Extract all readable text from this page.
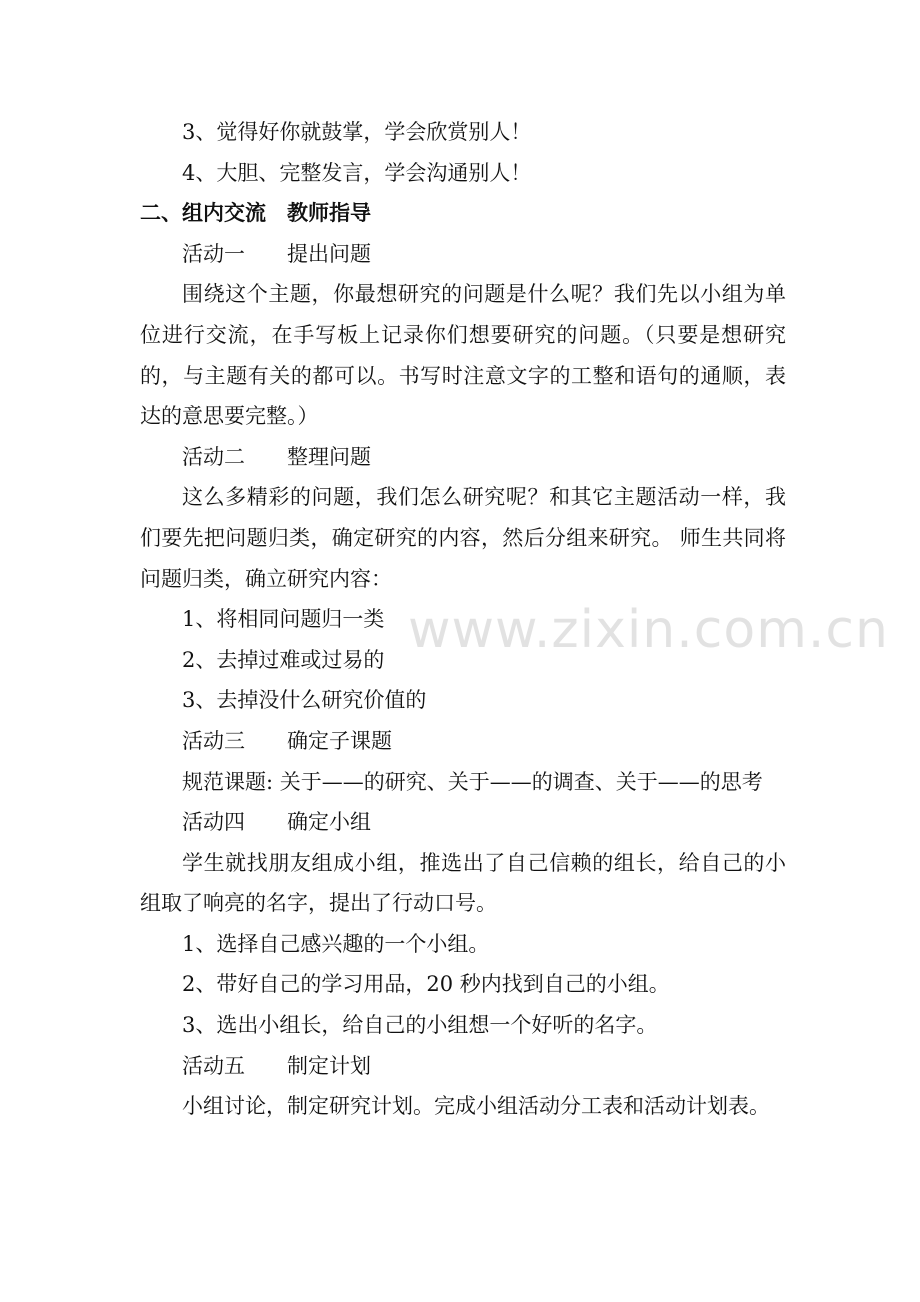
3、觉得好你就鼓掌，学会欣赏别人！

4、大胆、完整发言，学会沟通别人！

二、组内交流　教师指导

活动一　　提出问题

围绕这个主题，你最想研究的问题是什么呢？我们先以小组为单位进行交流，在手写板上记录你们想要研究的问题。（只要是想研究的，与主题有关的都可以。书写时注意文字的工整和语句的通顺，表达的意思要完整。）

活动二　　整理问题

这么多精彩的问题，我们怎么研究呢？和其它主题活动一样，我们要先把问题归类，确定研究的内容，然后分组来研究。 师生共同将问题归类，确立研究内容：

1、将相同问题归一类

2、去掉过难或过易的

3、去掉没什么研究价值的

活动三　　确定子课题

规范课题: 关于——的研究、关于——的调查、关于——的思考

活动四　　确定小组

学生就找朋友组成小组，推选出了自己信赖的组长，给自己的小组取了响亮的名字，提出了行动口号。

1、选择自己感兴趣的一个小组。

2、带好自己的学习用品，20 秒内找到自己的小组。

3、选出小组长，给自己的小组想一个好听的名字。

活动五　　制定计划

小组讨论，制定研究计划。完成小组活动分工表和活动计划表。

www.zixin.com.cn
